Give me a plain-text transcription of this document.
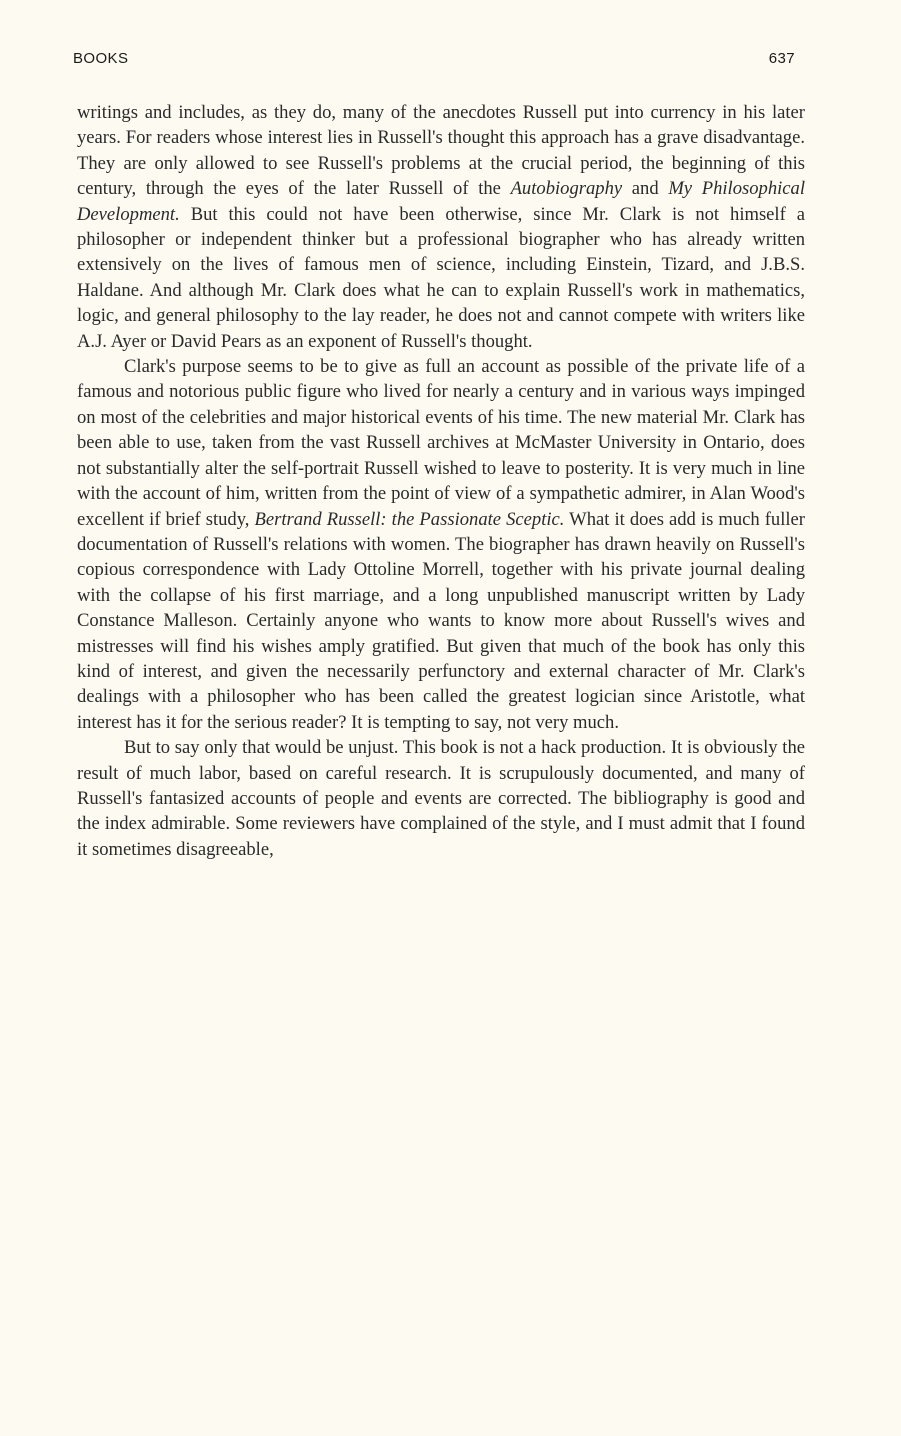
BOOKS	637

writings and includes, as they do, many of the anecdotes Russell put into currency in his later years. For readers whose interest lies in Russell's thought this approach has a grave disadvantage. They are only allowed to see Russell's problems at the crucial period, the beginning of this century, through the eyes of the later Russell of the Autobiography and My Philosophical Development. But this could not have been otherwise, since Mr. Clark is not himself a philosopher or independent thinker but a professional biographer who has already written extensively on the lives of famous men of science, including Einstein, Tizard, and J.B.S. Haldane. And although Mr. Clark does what he can to explain Russell's work in mathematics, logic, and general philosophy to the lay reader, he does not and cannot compete with writers like A.J. Ayer or David Pears as an exponent of Russell's thought.

Clark's purpose seems to be to give as full an account as possible of the private life of a famous and notorious public figure who lived for nearly a century and in various ways impinged on most of the celebrities and major historical events of his time. The new material Mr. Clark has been able to use, taken from the vast Russell archives at McMaster University in Ontario, does not substantially alter the self-portrait Russell wished to leave to posterity. It is very much in line with the account of him, written from the point of view of a sympathetic admirer, in Alan Wood's excellent if brief study, Bertrand Russell: the Passionate Sceptic. What it does add is much fuller documentation of Russell's relations with women. The biographer has drawn heavily on Russell's copious correspondence with Lady Ottoline Morrell, together with his private journal dealing with the collapse of his first marriage, and a long unpublished manuscript written by Lady Constance Malleson. Certainly anyone who wants to know more about Russell's wives and mistresses will find his wishes amply gratified. But given that much of the book has only this kind of interest, and given the necessarily perfunctory and external character of Mr. Clark's dealings with a philosopher who has been called the greatest logician since Aristotle, what interest has it for the serious reader? It is tempting to say, not very much.

But to say only that would be unjust. This book is not a hack production. It is obviously the result of much labor, based on careful research. It is scrupulously documented, and many of Russell's fantasized accounts of people and events are corrected. The bibliography is good and the index admirable. Some reviewers have complained of the style, and I must admit that I found it sometimes disagreeable,
